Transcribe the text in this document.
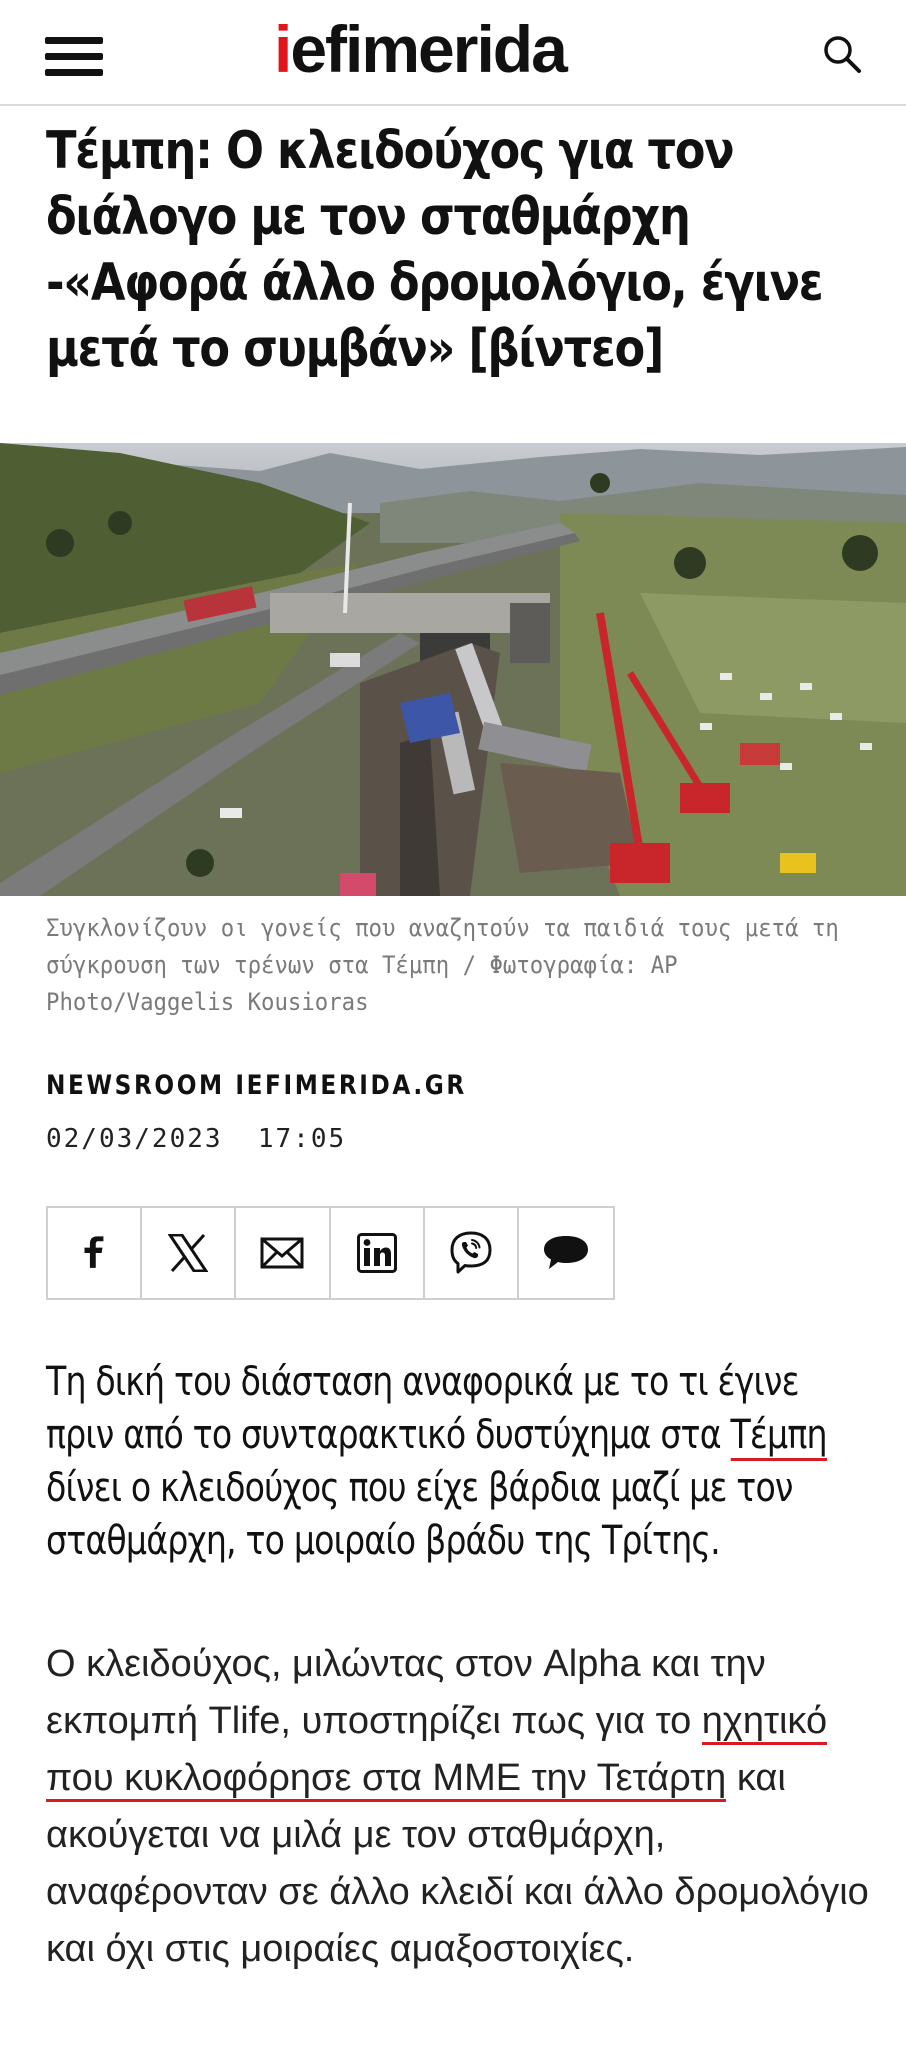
iefimerida
Τέμπη: Ο κλειδούχος για τον διάλογο με τον σταθμάρχη -«Αφορά άλλο δρομολόγιο, έγινε μετά το συμβάν» [βίντεο]

Συγκλονίζουν οι γονείς που αναζητούν τα παιδιά τους μετά τη σύγκρουση των τρένων στα Τέμπη / Φωτογραφία: AP Photo/Vaggelis Kousioras

NEWSROOM IEFIMERIDA.GR
02/03/2023 17:05

Τη δική του διάσταση αναφορικά με το τι έγινε πριν από το συνταρακτικό δυστύχημα στα Τέμπη δίνει ο κλειδούχος που είχε βάρδια μαζί με τον σταθμάρχη, το μοιραίο βράδυ της Τρίτης.

Ο κλειδούχος, μιλώντας στον Alpha και την εκπομπή Tlife, υποστηρίζει πως για το ηχητικό που κυκλοφόρησε στα ΜΜΕ την Τετάρτη και ακούγεται να μιλά με τον σταθμάρχη, αναφέρονταν σε άλλο κλειδί και άλλο δρομολόγιο και όχι στις μοιραίες αμαξοστοιχίες.
